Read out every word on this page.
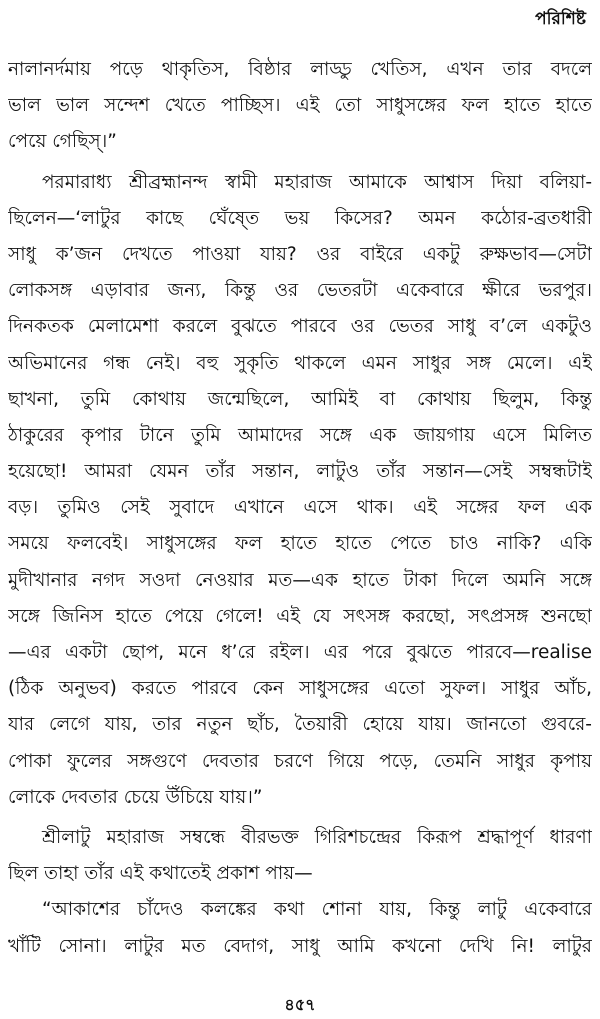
পরিশিষ্ট
নালানর্দমায় পড়ে থাকৃতিস, বিষ্ঠার লাড্ডু খেতিস, এখন তার বদলে
ভাল ভাল সন্দেশ খেতে পাচ্ছিস। এই তো সাধুসঙ্গের ফল হাতে হাতে
পেয়ে গেছিস্।”
পরমারাধ্য শ্রীব্রহ্মানন্দ স্বামী মহারাজ আমাকে আশ্বাস দিয়া বলিয়া-
ছিলেন—‘লাটুর কাছে ঘেঁষ্তে ভয় কিসের? অমন কঠোর-ব্রতধারী
সাধু ক’জন দেখতে পাওয়া যায়? ওর বাইরে একটু রুক্ষভাব—সেটা
লোকসঙ্গ এড়াবার জন্য, কিন্তু ওর ভেতরটা একেবারে ক্ষীরে ভরপুর।
দিনকতক মেলামেশা করলে বুঝতে পারবে ওর ভেতর সাধু ব’লে একটুও
অভিমানের গন্ধ নেই। বহু সুকৃতি থাকলে এমন সাধুর সঙ্গ মেলে। এই
ছাখনা, তুমি কোথায় জন্মেছিলে, আমিই বা কোথায় ছিলুম, কিন্তু
ঠাকুরের কৃপার টানে তুমি আমাদের সঙ্গে এক জায়গায় এসে মিলিত
হয়েছো! আমরা যেমন তাঁর সন্তান, লাটুও তাঁর সন্তান—সেই সম্বন্ধটাই
বড়। তুমিও সেই সুবাদে এখানে এসে থাক। এই সঙ্গের ফল এক
সময়ে ফলবেই। সাধুসঙ্গের ফল হাতে হাতে পেতে চাও নাকি? একি
মুদীখানার নগদ সওদা নেওয়ার মত—এক হাতে টাকা দিলে অমনি সঙ্গে
সঙ্গে জিনিস হাতে পেয়ে গেলে! এই যে সৎসঙ্গ করছো, সৎপ্রসঙ্গ শুনছো
—এর একটা ছোপ, মনে ধ’রে রইল। এর পরে বুঝতে পারবে—realise
(ঠিক অনুভব) করতে পারবে কেন সাধুসঙ্গের এতো সুফল। সাধুর আঁচ,
যার লেগে যায়, তার নতুন ছাঁচ, তৈয়ারী হোয়ে যায়। জানতো গুবরে-
পোকা ফুলের সঙ্গগুণে দেবতার চরণে গিয়ে পড়ে, তেমনি সাধুর কৃপায়
লোকে দেবতার চেয়ে উঁচিয়ে যায়।”
শ্রীলাটু মহারাজ সম্বন্ধে বীরভক্ত গিরিশচন্দ্রের কিরূপ শ্রদ্ধাপূর্ণ ধারণা
ছিল তাহা তাঁর এই কথাতেই প্রকাশ পায়—
“আকাশের চাঁদেও কলঙ্কের কথা শোনা যায়, কিন্তু লাটু একেবারে
খাঁটি সোনা। লাটুর মত বেদাগ, সাধু আমি কখনো দেখি নি! লাটুর
৪৫৭
